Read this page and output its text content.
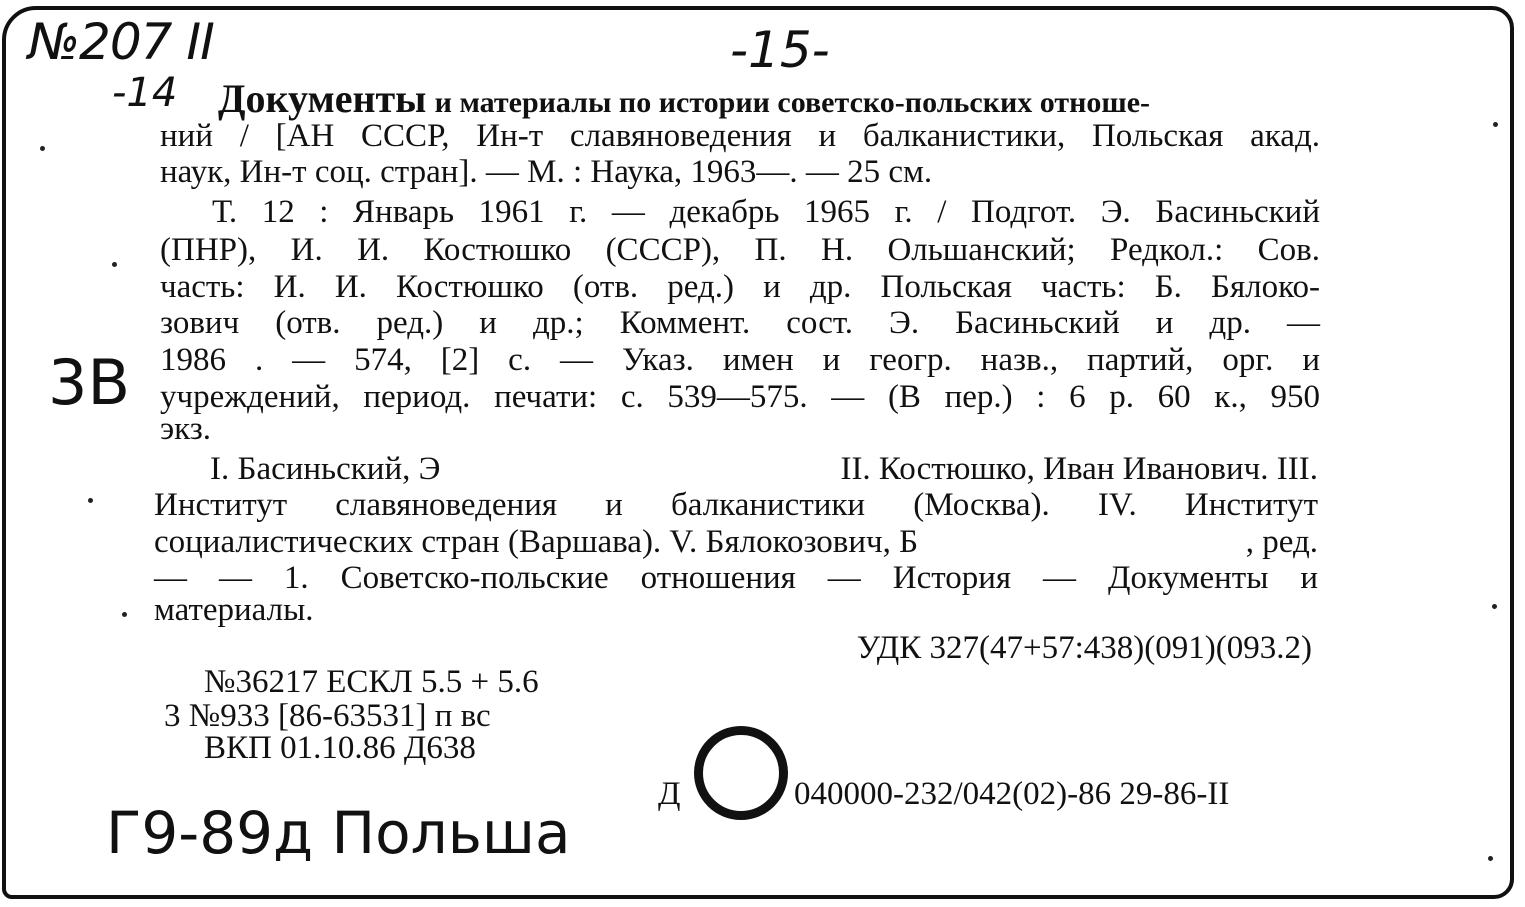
№207 II	-15-
-14
3B
Г9-89д Польша
Документы и материалы по истории советско-польских отноше-
ний / [АН СССР, Ин-т славяноведения и балканистики, Польская акад.
наук, Ин-т соц. стран]. — М. : Наука, 1963—. — 25 см.
Т. 12 : Январь 1961 г. — декабрь 1965 г. / Подгот. Э. Басиньский
(ПНР), И. И. Костюшко (СССР), П. Н. Ольшанский; Редкол.: Сов.
часть: И. И. Костюшко (отв. ред.) и др. Польская часть: Б. Бялоко-
зович (отв. ред.) и др.; Коммент. сост. Э. Басиньский и др. —
1986 . — 574, [2] с. — Указ. имен и геогр. назв., партий, орг. и
учреждений, период. печати: с. 539—575. — (В пер.) : 6 р. 60 к., 950
экз.
I. Басиньский, Э	II. Костюшко, Иван Иванович. III.
Институт славяноведения и балканистики (Москва). IV. Институт
социалистических стран (Варшава). V. Бялокозович, Б	, ред.
— — 1. Советско-польские отношения — История — Документы и
материалы.
УДК 327(47+57:438)(091)(093.2)
№36217 ЕСКЛ 5.5 + 5.6
3 №933 [86-63531] п вс
ВКП 01.10.86 Д638
Д	040000-232/042(02)-86 29-86-II
